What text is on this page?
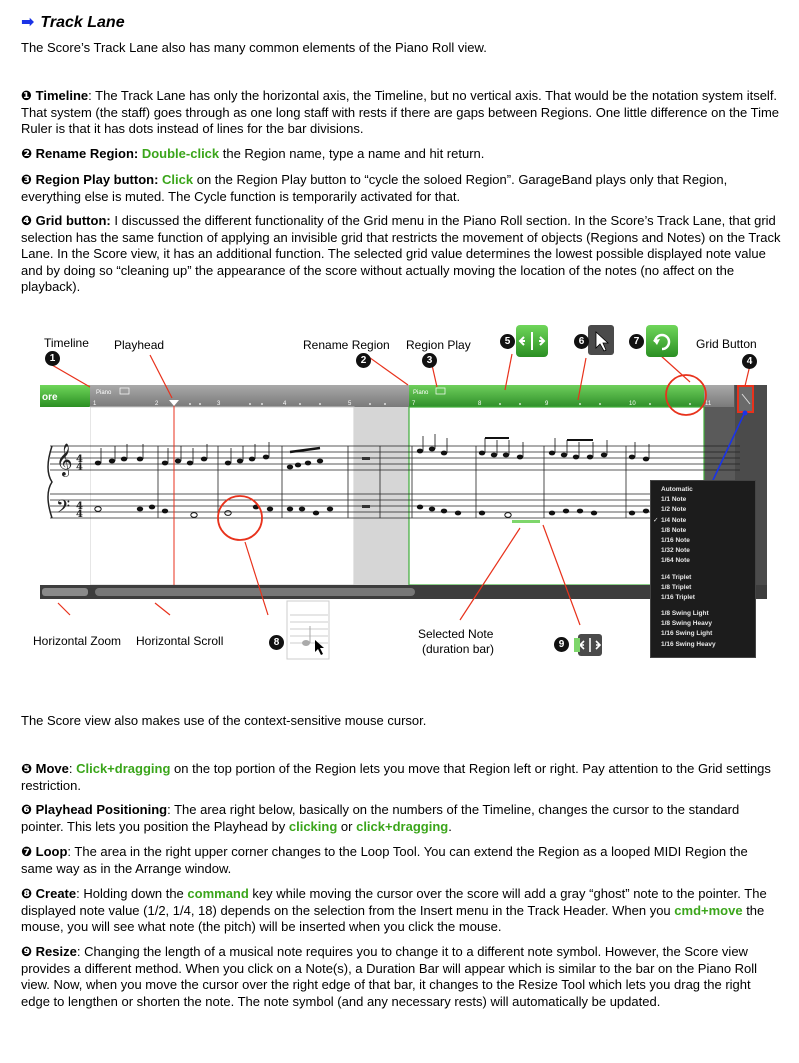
➡ Track Lane
The Score’s Track Lane also has many common elements of the Piano Roll view.
❶ Timeline: The Track Lane has only the horizontal axis, the Timeline, but no vertical axis. That would be the notation system itself. That system (the staff) goes through as one long staff with rests if there are gaps between Regions. One little difference on the Time Ruler is that it has dots instead of lines for the bar divisions.
❷ Rename Region: Double-click the Region name, type a name and hit return.
❸ Region Play button: Click on the Region Play button to “cycle the soloed Region”. GarageBand plays only that Region, everything else is muted. The Cycle function is temporarily activated for that.
❹ Grid button: I discussed the different functionality of the Grid menu in the Piano Roll section. In the Score’s Track Lane, that grid selection has the same function of applying an invisible grid that restricts the movement of objects (Regions and Notes) on the Track Lane. In the Score view, it has an additional function. The selected grid value determines the lowest possible displayed note value and by doing so “cleaning up” the appearance of the score without actually moving the location of the notes (no affect on the playback).
ore	Piano	Piano
1	2	3	4	5	7	8	9	10	11
𝄞
𝄢
4
4
4
4
Timeline
1
Playhead	Rename Region
2
Region Play
3
Grid Button
4
5	6	7
Horizontal Zoom Horizontal Scroll	8
Selected Note
(duration bar)	9
Automatic
1/1 Note
1/2 Note
✓ 1/4 Note
1/8 Note
1/16 Note
1/32 Note
1/64 Note
1/4 Triplet
1/8 Triplet
1/16 Triplet
1/8 Swing Light
1/8 Swing Heavy
1/16 Swing Light
1/16 Swing Heavy
The Score view also makes use of the context-sensitive mouse cursor.
❺ Move: Click+dragging on the top portion of the Region lets you move that Region left or right. Pay attention to the Grid settings restriction.
❻ Playhead Positioning: The area right below, basically on the numbers of the Timeline, changes the cursor to the standard pointer. This lets you position the Playhead by clicking or click+dragging.
❼ Loop: The area in the right upper corner changes to the Loop Tool. You can extend the Region as a looped MIDI Region the same way as in the Arrange window.
❽ Create: Holding down the command key while moving the cursor over the score will add a gray “ghost” note to the pointer. The displayed note value (1/2, 1/4, 18) depends on the selection from the Insert menu in the Track Header. When you cmd+move the mouse, you will see what note (the pitch) will be inserted when you click the mouse.
❾ Resize: Changing the length of a musical note requires you to change it to a different note symbol. However, the Score view provides a different method. When you click on a Note(s), a Duration Bar will appear which is similar to the bar on the Piano Roll view. Now, when you move the cursor over the right edge of that bar, it changes to the Resize Tool which lets you drag the right edge to lengthen or shorten the note. The note symbol (and any necessary rests) will automatically be updated.
